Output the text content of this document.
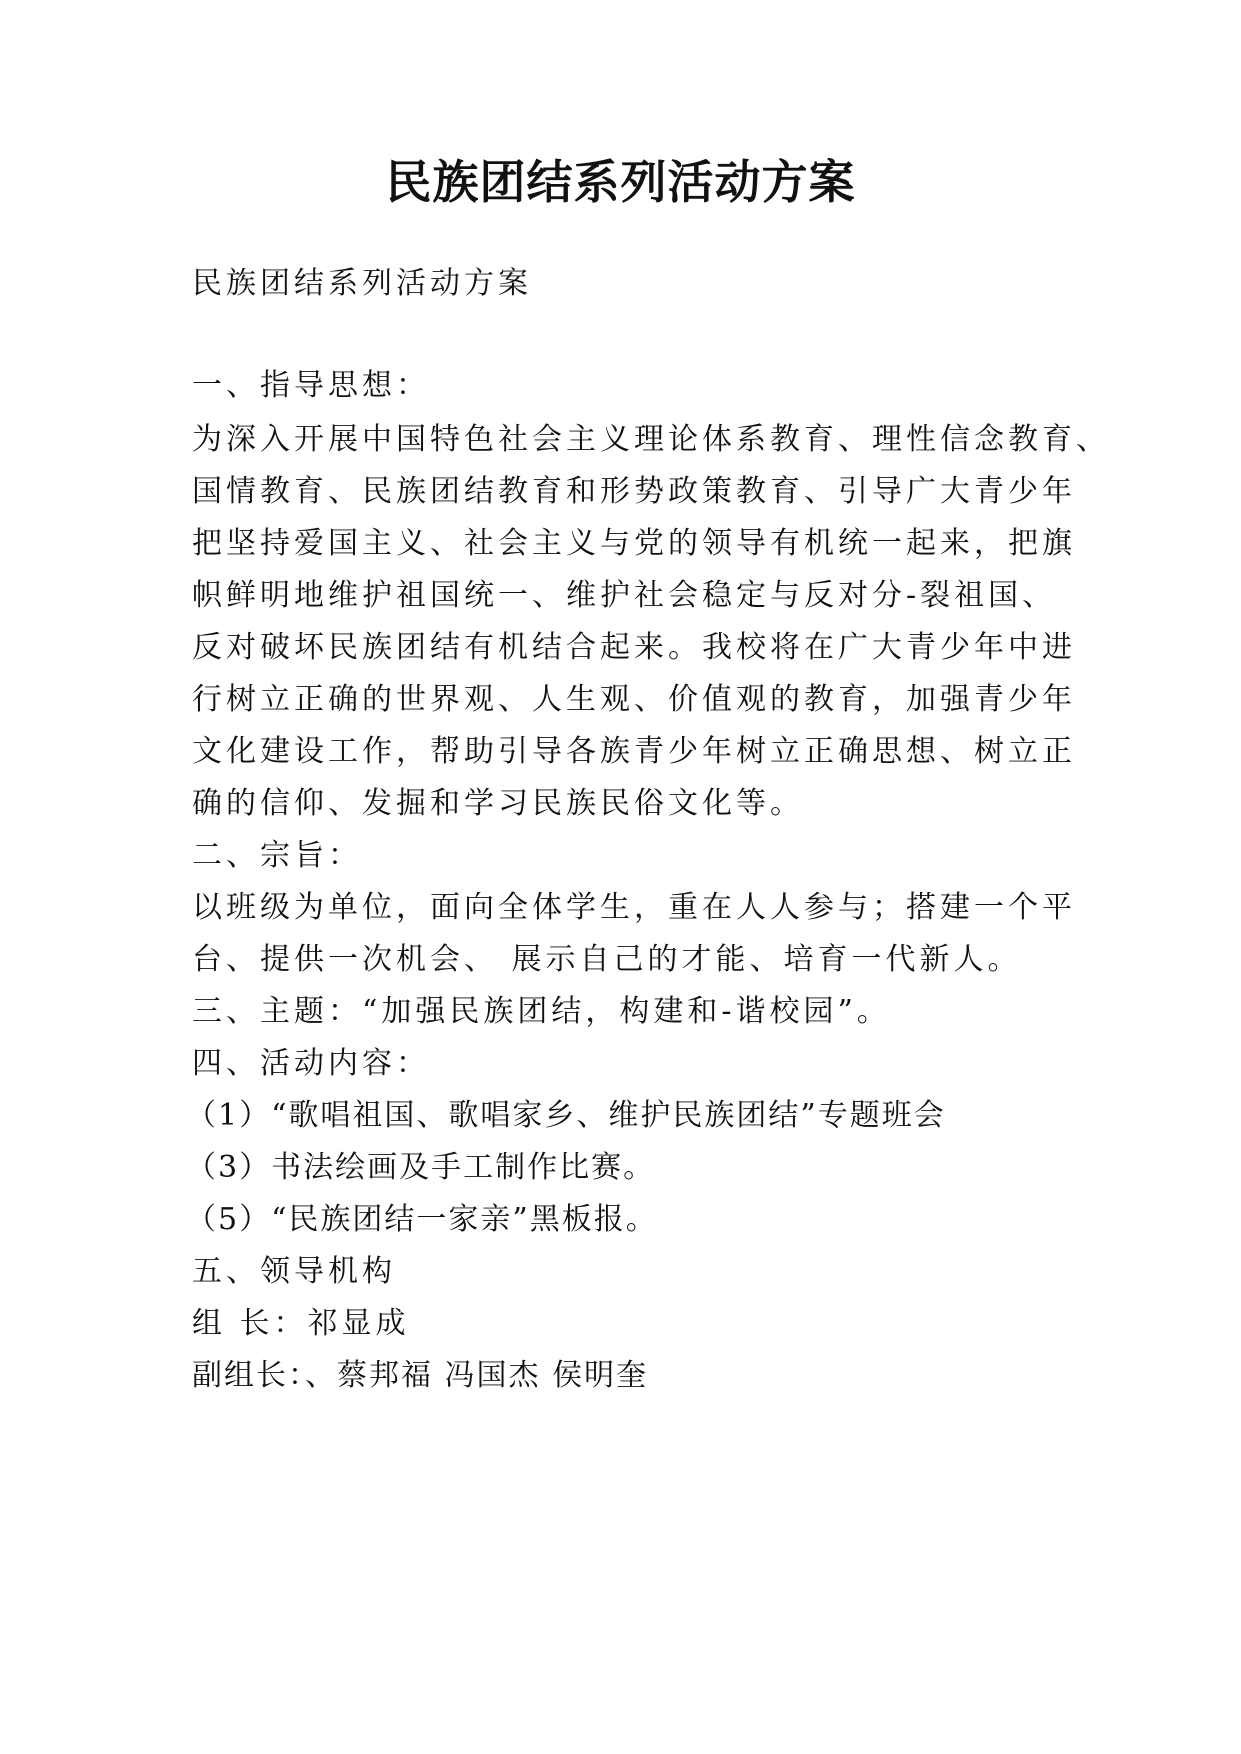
民族团结系列活动方案
民族团结系列活动方案
一、指导思想：
为深入开展中国特色社会主义理论体系教育、理性信念教育、
国情教育、民族团结教育和形势政策教育、引导广大青少年
把坚持爱国主义、社会主义与党的领导有机统一起来，把旗
帜鲜明地维护祖国统一、维护社会稳定与反对分-裂祖国、
反对破坏民族团结有机结合起来。我校将在广大青少年中进
行树立正确的世界观、人生观、价值观的教育，加强青少年
文化建设工作，帮助引导各族青少年树立正确思想、树立正
确的信仰、发掘和学习民族民俗文化等。
二、宗旨：
以班级为单位，面向全体学生，重在人人参与；搭建一个平
台、提供一次机会、 展示自己的才能、培育一代新人。
三、主题：“加强民族团结，构建和-谐校园”。
四、活动内容：
（1）“歌唱祖国、歌唱家乡、维护民族团结”专题班会
（3）书法绘画及手工制作比赛。
（5）“民族团结一家亲”黑板报。
五、领导机构
组 长：祁显成
副组长：、蔡邦福 冯国杰 侯明奎
